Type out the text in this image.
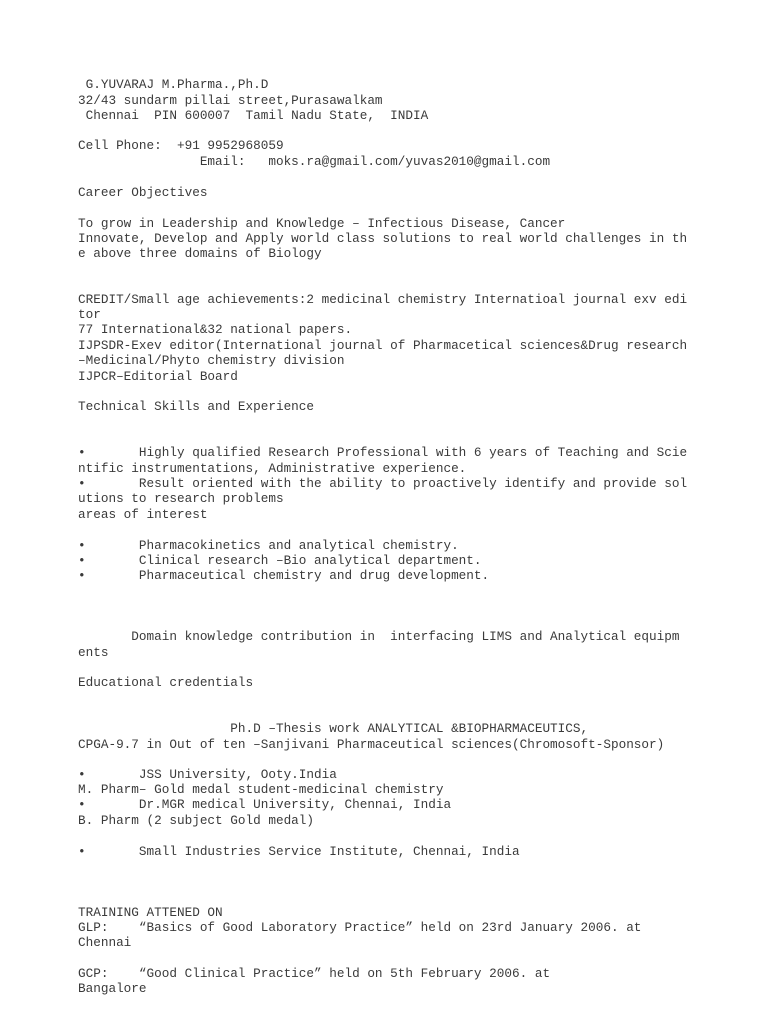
G.YUVARAJ M.Pharma.,Ph.D

32/43 sundarm pillai street,Purasawalkam

Chennai  PIN 600007  Tamil Nadu State,  INDIA

Cell Phone:  +91 9952968059

Email:   moks.ra@gmail.com/yuvas2010@gmail.com

Career Objectives

To grow in Leadership and Knowledge – Infectious Disease, Cancer

Innovate, Develop and Apply world class solutions to real world challenges in th

e above three domains of Biology

CREDIT/Small age achievements:2 medicinal chemistry Internatioal journal exv edi

tor

77 International&32 national papers.

IJPSDR-Exev editor(International journal of Pharmacetical sciences&Drug research

–Medicinal/Phyto chemistry division

IJPCR–Editorial Board

Technical Skills and Experience

•       Highly qualified Research Professional with 6 years of Teaching and Scie

ntific instrumentations, Administrative experience.

•       Result oriented with the ability to proactively identify and provide sol

utions to research problems

areas of interest

•       Pharmacokinetics and analytical chemistry.

•       Clinical research –Bio analytical department.

•       Pharmaceutical chemistry and drug development.

Domain knowledge contribution in  interfacing LIMS and Analytical equipm

ents

Educational credentials

Ph.D –Thesis work ANALYTICAL &BIOPHARMACEUTICS,

CPGA-9.7 in Out of ten –Sanjivani Pharmaceutical sciences(Chromosoft-Sponsor)

•       JSS University, Ooty.India

M. Pharm– Gold medal student-medicinal chemistry

•       Dr.MGR medical University, Chennai, India

B. Pharm (2 subject Gold medal)

•       Small Industries Service Institute, Chennai, India

TRAINING ATTENED ON

GLP:    “Basics of Good Laboratory Practice” held on 23rd January 2006. at

Chennai

GCP:    “Good Clinical Practice” held on 5th February 2006. at

Bangalore
